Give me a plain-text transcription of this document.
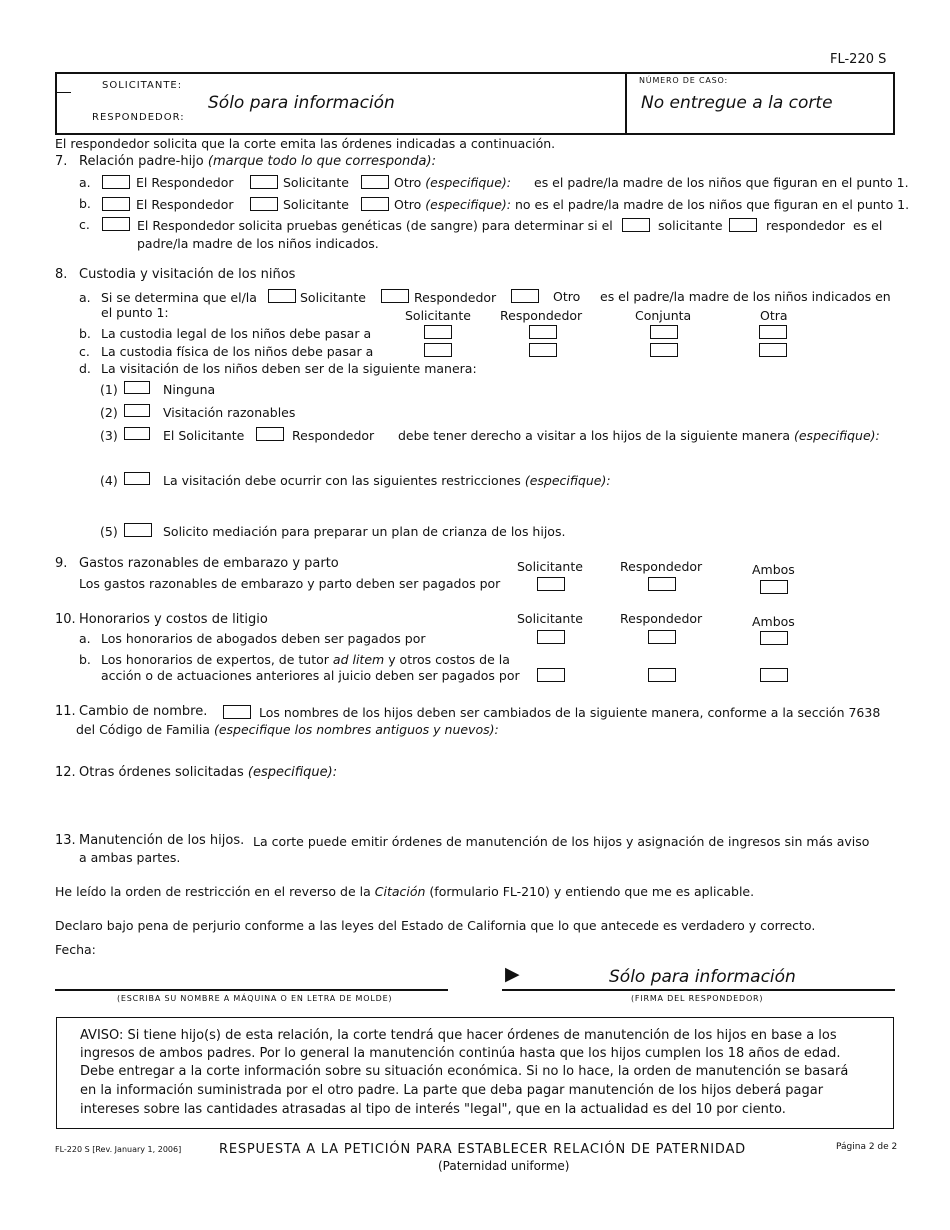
FL-220 S
SOLICITANTE:
RESPONDEDOR:
Sólo para información
NÚMERO DE CASO:
No entregue a la corte
El respondedor solicita que la corte emita las órdenes indicadas a continuación.
7. Relación padre-hijo (marque todo lo que corresponda):
a.	El Respondedor	Solicitante	Otro (especifique): es el padre/la madre de los niños que figuran en el punto 1.
b.	El Respondedor	Solicitante	Otro (especifique): no es el padre/la madre de los niños que figuran en el punto 1.
c.	El Respondedor solicita pruebas genéticas (de sangre) para determinar si el	solicitante	respondedor es el
padre/la madre de los niños indicados.
8. Custodia y visitación de los niños
a. Si se determina que el/la	Solicitante	Respondedor	Otro es el padre/la madre de los niños indicados en
el punto 1:	Solicitante Respondedor	Conjunta	Otra
b. La custodia legal de los niños debe pasar a
c. La custodia física de los niños debe pasar a
d. La visitación de los niños deben ser de la siguiente manera:
(1)	Ninguna
(2)	Visitación razonables
(3)	El Solicitante	Respondedor debe tener derecho a visitar a los hijos de la siguiente manera (especifique):
(4)	La visitación debe ocurrir con las siguientes restricciones (especifique):
(5)	Solicito mediación para preparar un plan de crianza de los hijos.
9. Gastos razonables de embarazo y parto
Los gastos razonables de embarazo y parto deben ser pagados por
Solicitante	Respondedor	Ambos
10. Honorarios y costos de litigio	Solicitante	Respondedor	Ambos
a. Los honorarios de abogados deben ser pagados por
b. Los honorarios de expertos, de tutor ad litem y otros costos de la
acción o de actuaciones anteriores al juicio deben ser pagados por
11. Cambio de nombre.	Los nombres de los hijos deben ser cambiados de la siguiente manera, conforme a la sección 7638
del Código de Familia (especifique los nombres antiguos y nuevos):
12. Otras órdenes solicitadas (especifique):
13. Manutención de los hijos. La corte puede emitir órdenes de manutención de los hijos y asignación de ingresos sin más aviso
a ambas partes.
He leído la orden de restricción en el reverso de la Citación (formulario FL-210) y entiendo que me es aplicable.
Declaro bajo pena de perjurio conforme a las leyes del Estado de California que lo que antecede es verdadero y correcto.
Fecha:
(ESCRIBA SU NOMBRE A MÁQUINA O EN LETRA DE MOLDE)
▶	Sólo para información
(FIRMA DEL RESPONDEDOR)
AVISO: Si tiene hijo(s) de esta relación, la corte tendrá que hacer órdenes de manutención de los hijos en base a los
ingresos de ambos padres. Por lo general la manutención continúa hasta que los hijos cumplen los 18 años de edad.
Debe entregar a la corte información sobre su situación económica. Si no lo hace, la orden de manutención se basará
en la información suministrada por el otro padre. La parte que deba pagar manutención de los hijos deberá pagar
intereses sobre las cantidades atrasadas al tipo de interés "legal", que en la actualidad es del 10 por ciento.
FL-220 S [Rev. January 1, 2006]	RESPUESTA A LA PETICIÓN PARA ESTABLECER RELACIÓN DE PATERNIDAD
(Paternidad uniforme)
Página 2 de 2
